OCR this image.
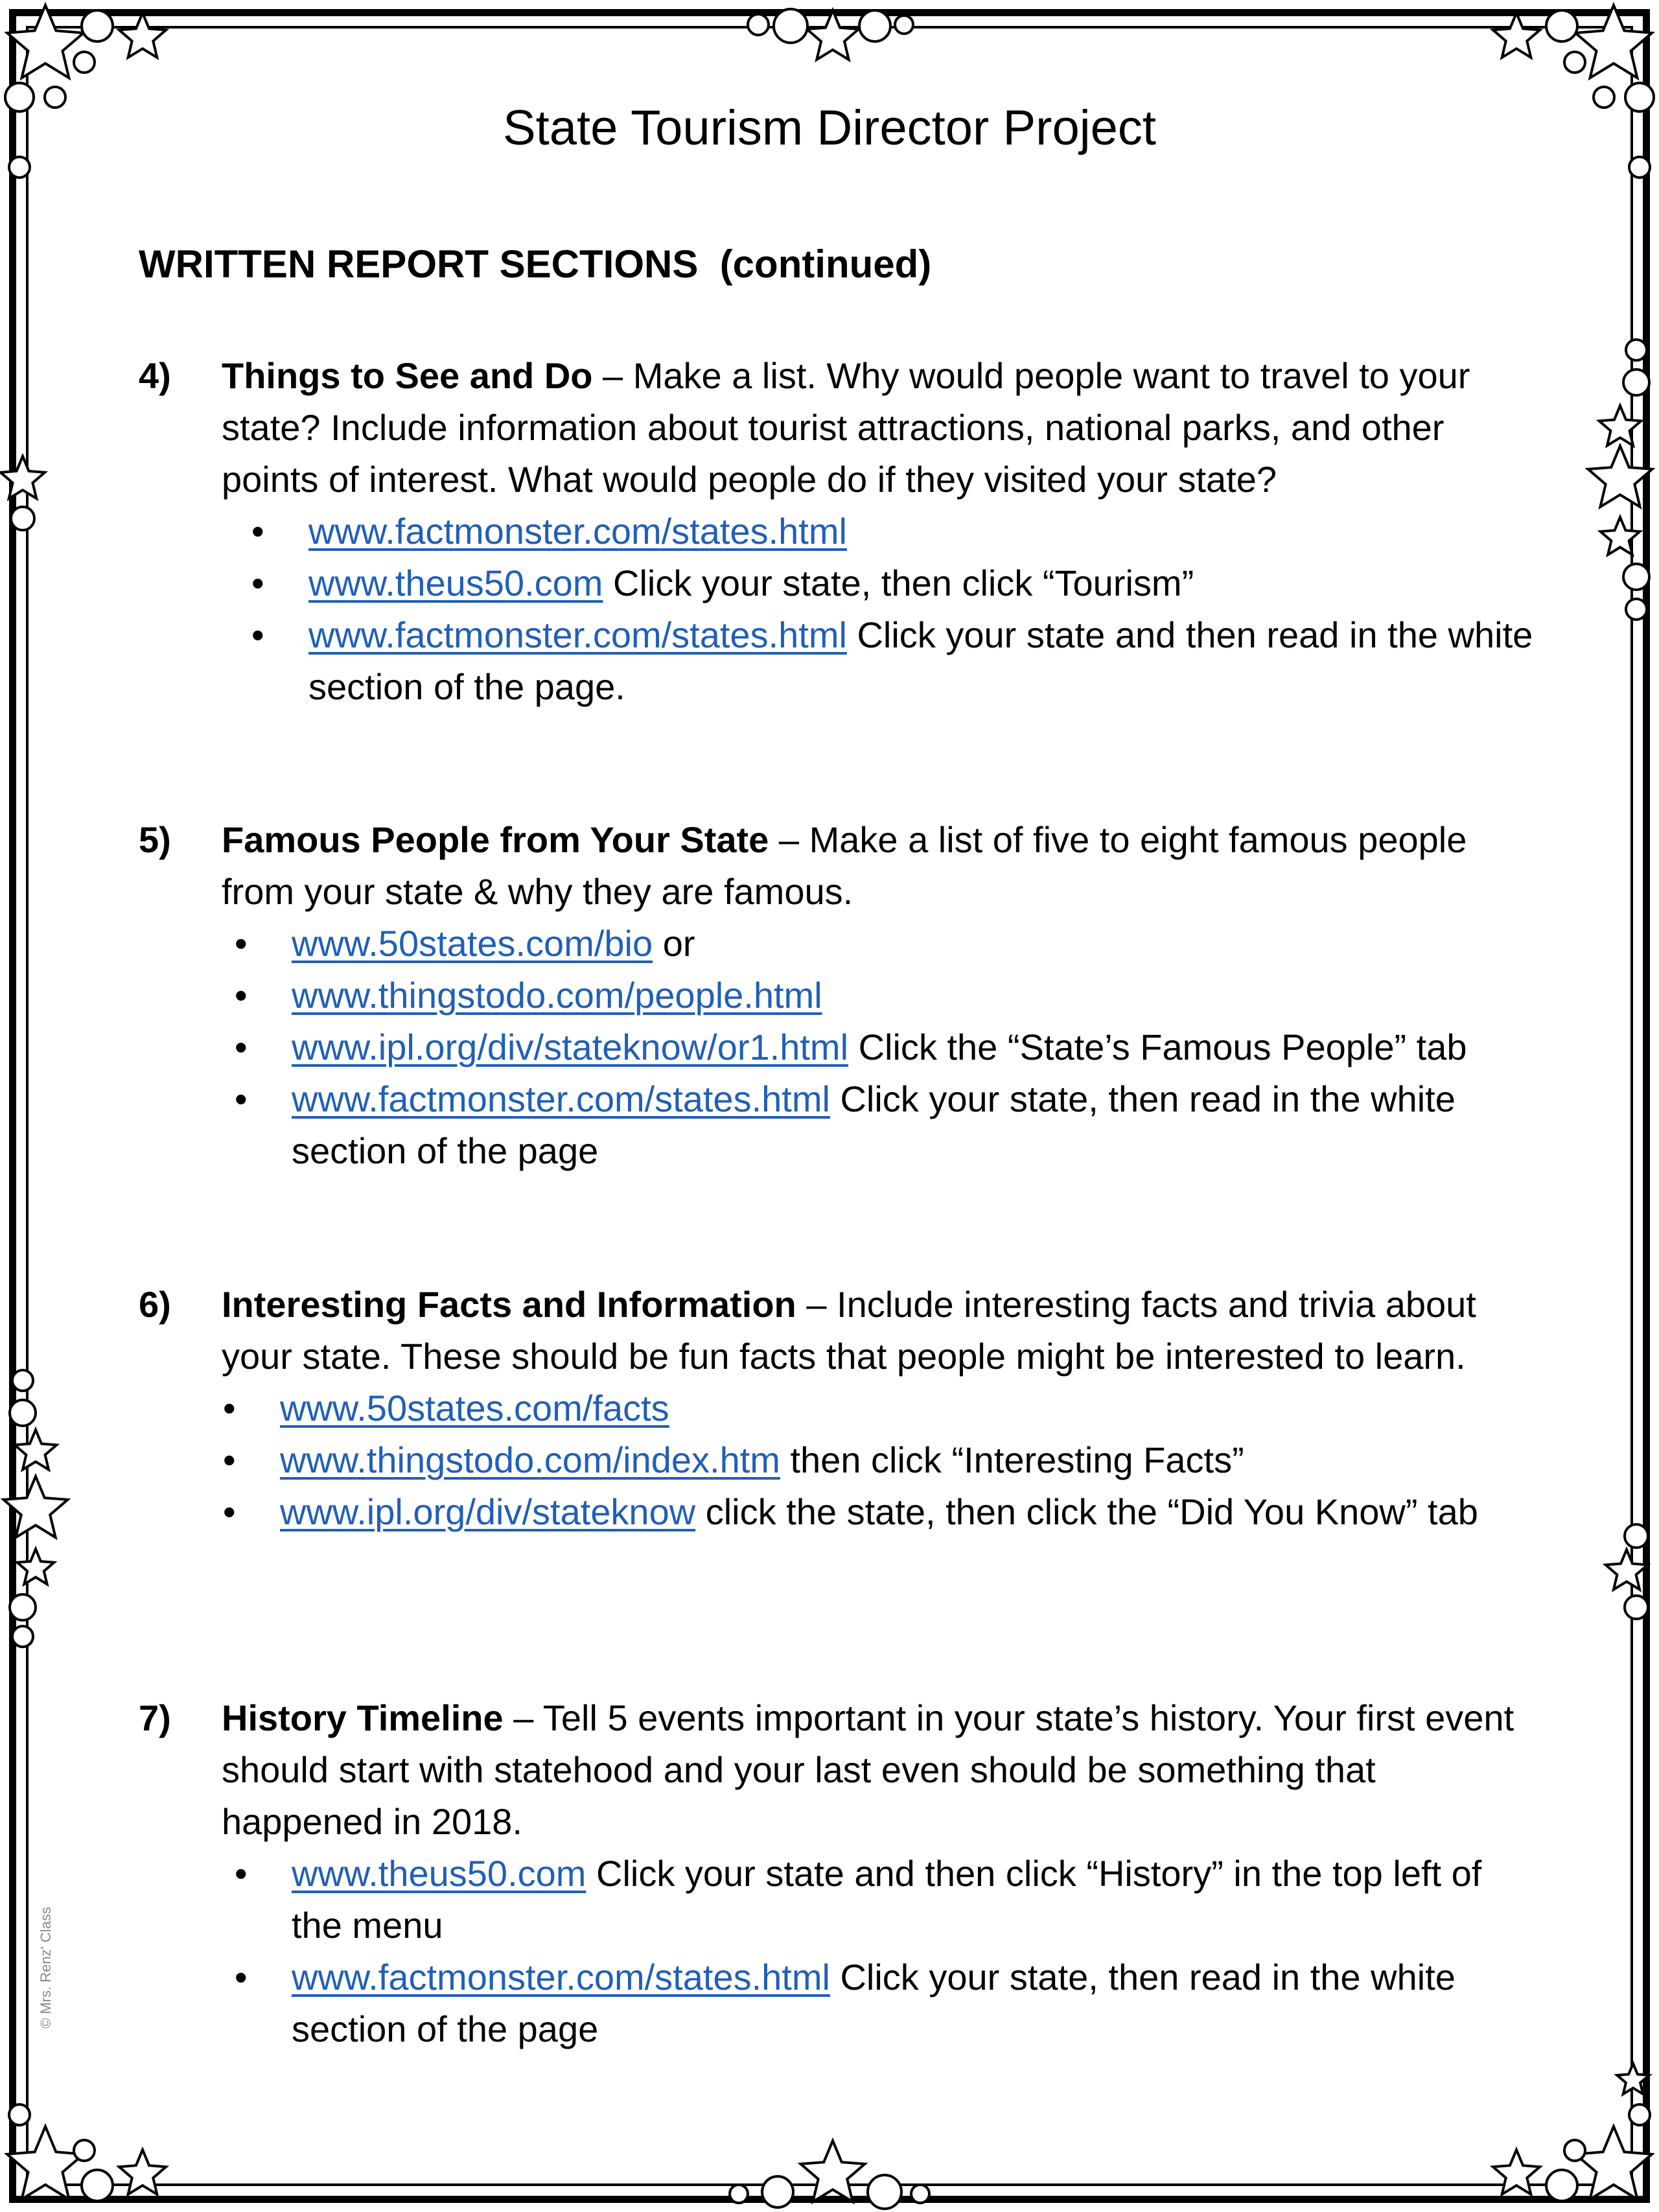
State Tourism Director Project
WRITTEN REPORT SECTIONS  (continued)
4) Things to See and Do – Make a list. Why would people want to travel to your state? Include information about tourist attractions, national parks, and other points of interest. What would people do if they visited your state?
• www.factmonster.com/states.html
• www.theus50.com Click your state, then click “Tourism”
• www.factmonster.com/states.html Click your state and then read in the white section of the page.
5) Famous People from Your State – Make a list of five to eight famous people from your state & why they are famous.
• www.50states.com/bio or
• www.thingstodo.com/people.html
• www.ipl.org/div/stateknow/or1.html Click the “State’s Famous People” tab
• www.factmonster.com/states.html Click your state, then read in the white section of the page
6) Interesting Facts and Information – Include interesting facts and trivia about your state. These should be fun facts that people might be interested to learn.
• www.50states.com/facts
• www.thingstodo.com/index.htm then click “Interesting Facts”
• www.ipl.org/div/stateknow click the state, then click the “Did You Know” tab
7) History Timeline – Tell 5 events important in your state’s history. Your first event should start with statehood and your last even should be something that happened in 2018.
• www.theus50.com Click your state and then click “History” in the top left of the menu
• www.factmonster.com/states.html Click your state, then read in the white section of the page
© Mrs. Renz' Class
